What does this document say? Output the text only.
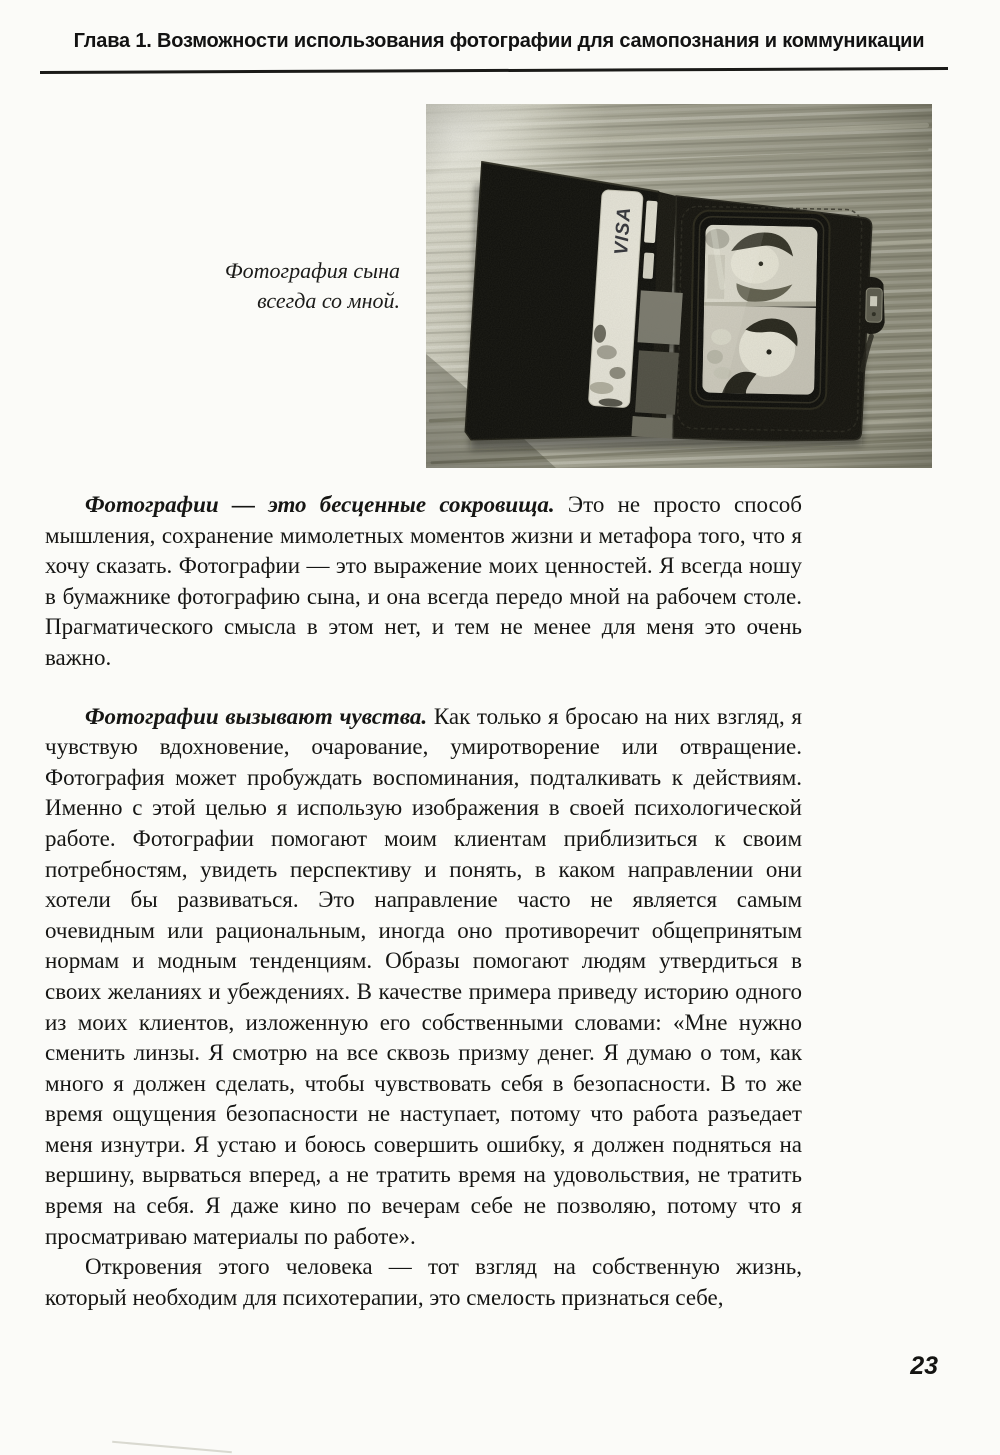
Глава 1. Возможности использования фотографии для самопознания и коммуникации
Фотография сына
всегда со мной.

Фотографии — это бесценные сокровища. Это не просто способ мышления, сохранение мимолетных моментов жизни и метафора того, что я хочу сказать. Фотографии — это выражение моих ценностей. Я всегда ношу в бумажнике фотографию сына, и она всегда передо мной на рабочем столе. Прагматического смысла в этом нет, и тем не менее для меня это очень важно.

Фотографии вызывают чувства. Как только я бросаю на них взгляд, я чувствую вдохновение, очарование, умиротворение или отвращение. Фотография может пробуждать воспоминания, подталкивать к действиям. Именно с этой целью я использую изображения в своей психологической работе. Фотографии помогают моим клиентам приблизиться к своим потребностям, увидеть перспективу и понять, в каком направлении они хотели бы развиваться. Это направление часто не является самым очевидным или рациональным, иногда оно противоречит общепринятым нормам и модным тенденциям. Образы помогают людям утвердиться в своих желаниях и убеждениях. В качестве примера приведу историю одного из моих клиентов, изложенную его собственными словами: «Мне нужно сменить линзы. Я смотрю на все сквозь призму денег. Я думаю о том, как много я должен сделать, чтобы чувствовать себя в безопасности. В то же время ощущения безопасности не наступает, потому что работа разъедает меня изнутри. Я устаю и боюсь совершить ошибку, я должен подняться на вершину, вырваться вперед, а не тратить время на удовольствия, не тратить время на себя. Я даже кино по вечерам себе не позволяю, потому что я просматриваю материалы по работе».

Откровения этого человека — тот взгляд на собственную жизнь, который необходим для психотерапии, это смелость признаться себе,

23
